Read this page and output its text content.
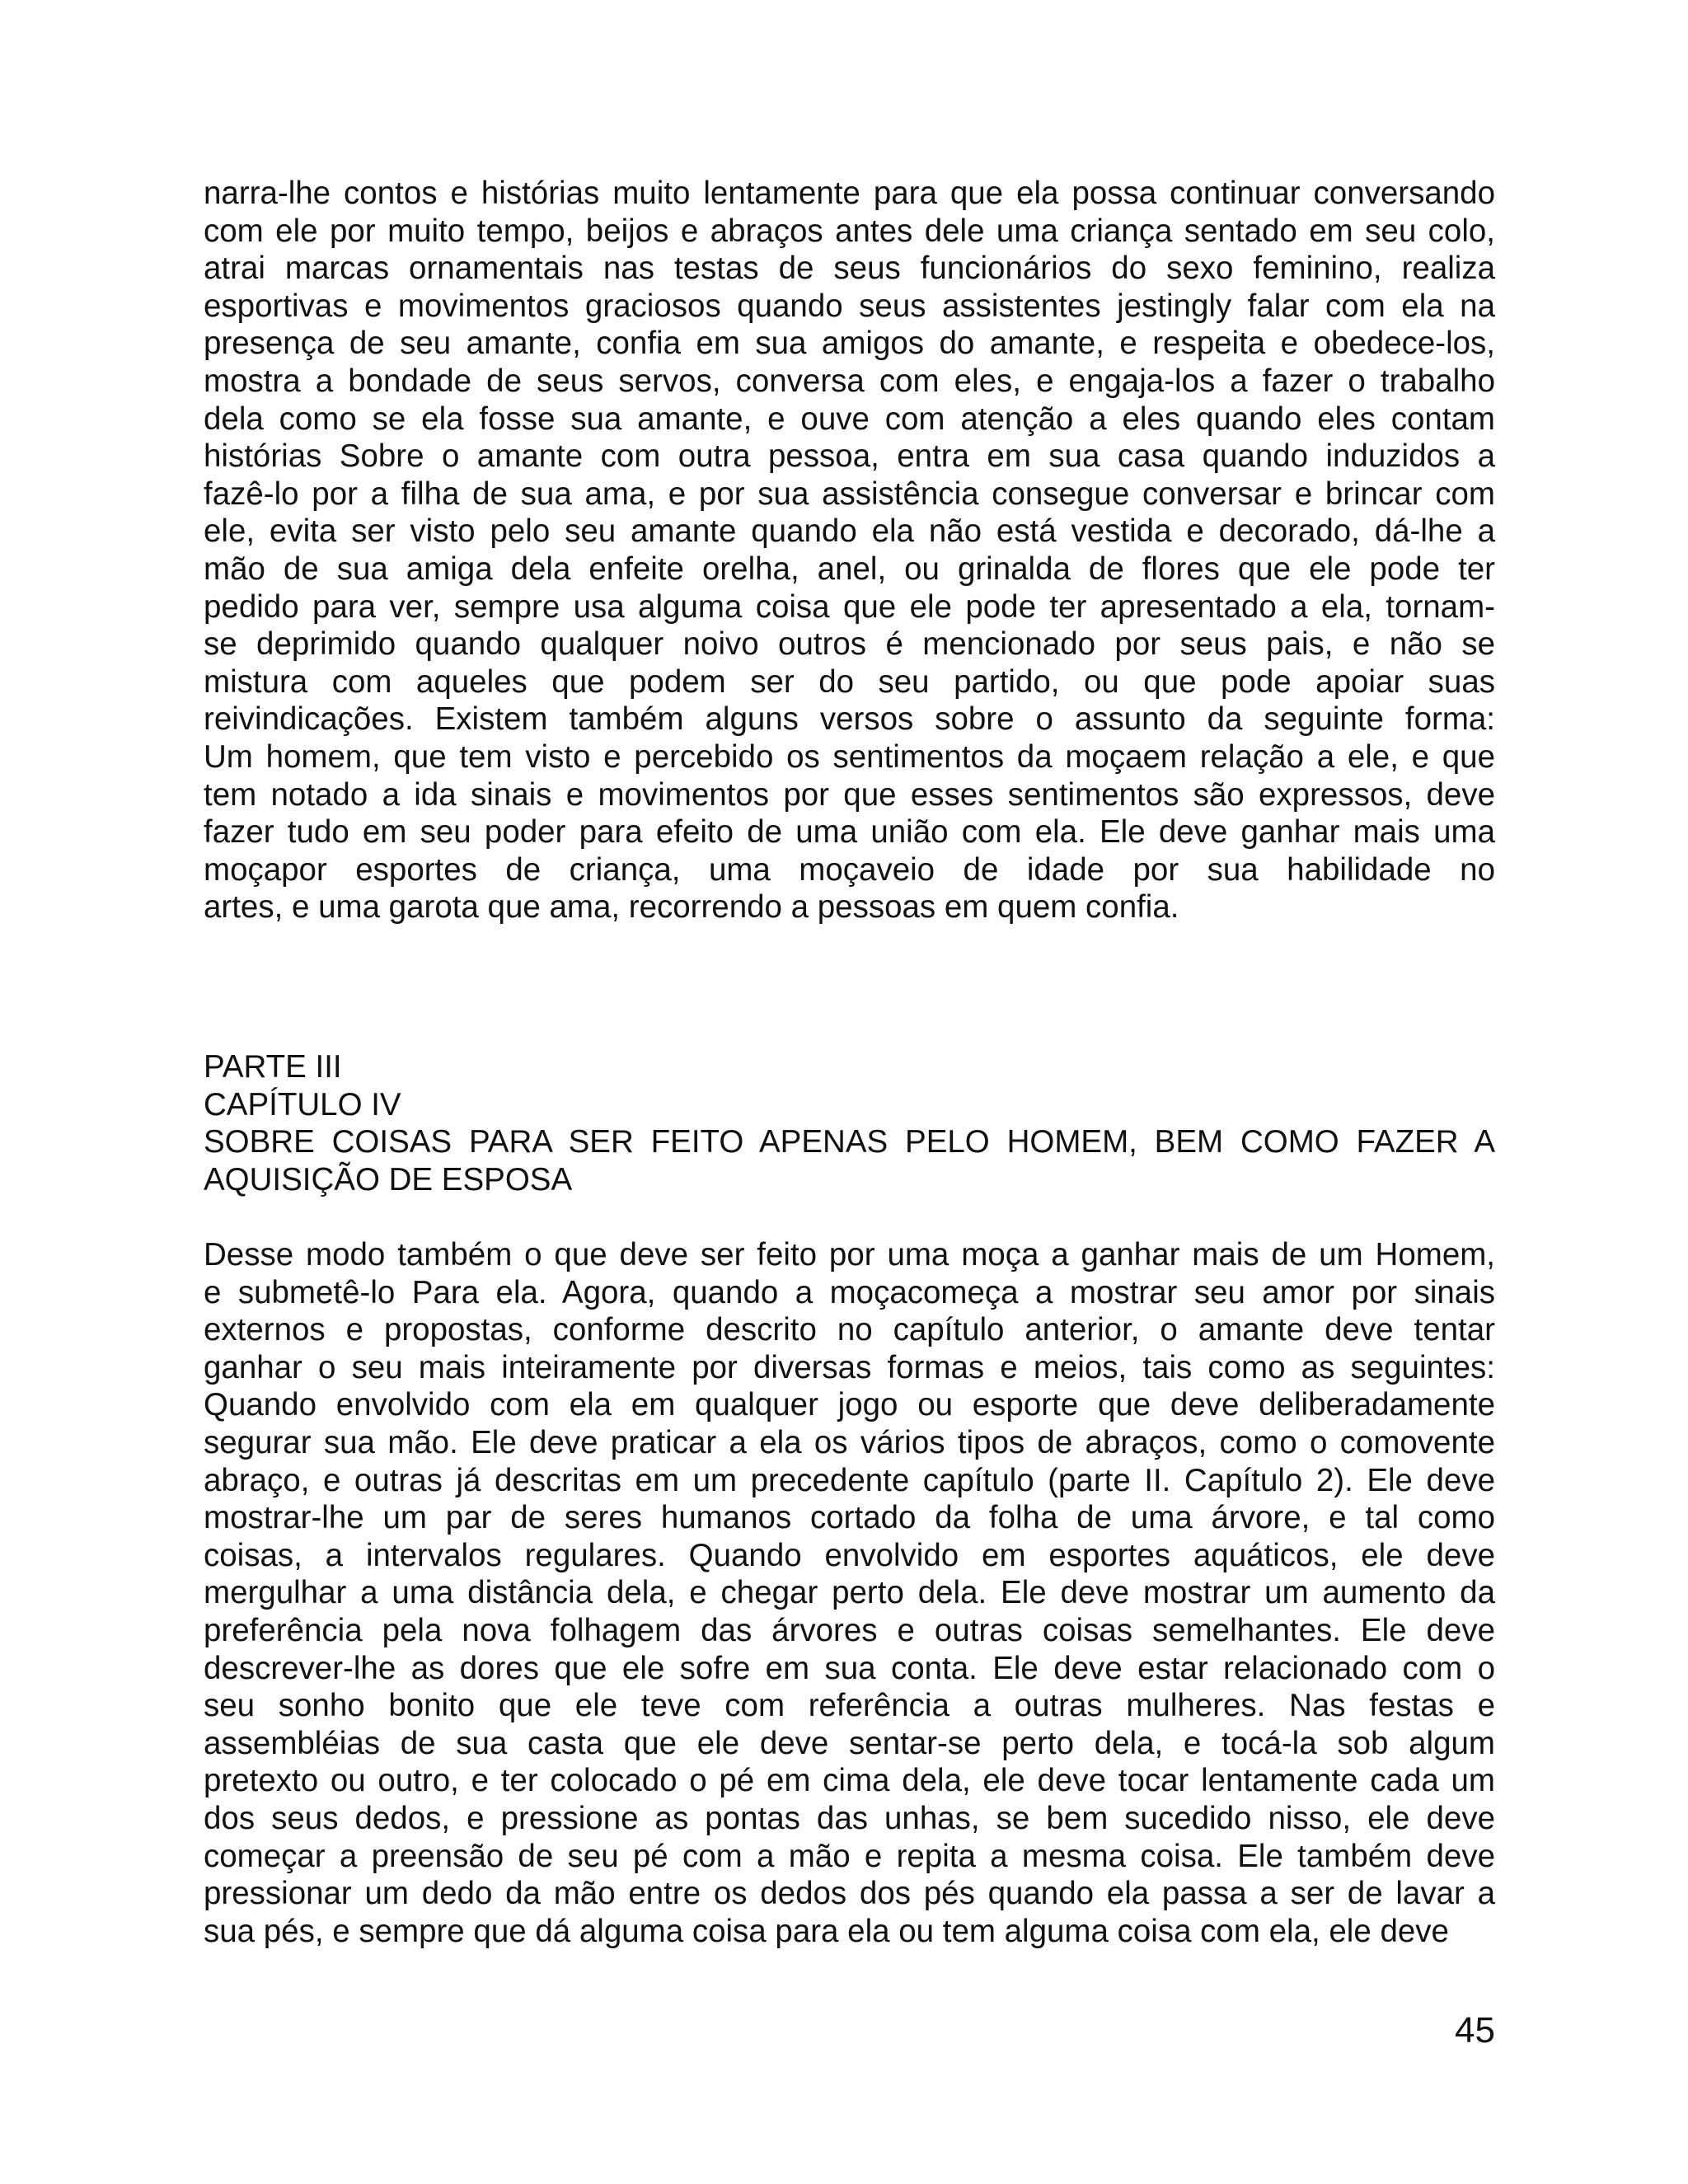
narra-lhe contos e histórias muito lentamente para que ela possa continuar conversando
com ele por muito tempo, beijos e abraços antes dele uma criança sentado em seu colo,
atrai marcas ornamentais nas testas de seus funcionários do sexo feminino, realiza
esportivas e movimentos graciosos quando seus assistentes jestingly falar com ela na
presença de seu amante, confia em sua amigos do amante, e respeita e obedece-los,
mostra a bondade de seus servos, conversa com eles, e engaja-los a fazer o trabalho
dela como se ela fosse sua amante, e ouve com atenção a eles quando eles contam
histórias Sobre o amante com outra pessoa, entra em sua casa quando induzidos a
fazê-lo por a filha de sua ama, e por sua assistência consegue conversar e brincar com
ele, evita ser visto pelo seu amante quando ela não está vestida e decorado, dá-lhe a
mão de sua amiga dela enfeite orelha, anel, ou grinalda de flores que ele pode ter
pedido para ver, sempre usa alguma coisa que ele pode ter apresentado a ela, tornam-
se deprimido quando qualquer noivo outros é mencionado por seus pais, e não se
mistura com aqueles que podem ser do seu partido, ou que pode apoiar suas
reivindicações. Existem também alguns versos sobre o assunto da seguinte forma:
Um homem, que tem visto e percebido os sentimentos da moçaem relação a ele, e que
tem notado a ida sinais e movimentos por que esses sentimentos são expressos, deve
fazer tudo em seu poder para efeito de uma união com ela. Ele deve ganhar mais uma
moçapor esportes de criança, uma moçaveio de idade por sua habilidade no
artes, e uma garota que ama, recorrendo a pessoas em quem confia.
PARTE III
CAPÍTULO IV
SOBRE COISAS PARA SER FEITO APENAS PELO HOMEM, BEM COMO FAZER A
AQUISIÇÃO DE ESPOSA
Desse modo também o que deve ser feito por uma moça a ganhar mais de um Homem,
e submetê-lo Para ela. Agora, quando a moçacomeça a mostrar seu amor por sinais
externos e propostas, conforme descrito no capítulo anterior, o amante deve tentar
ganhar o seu mais inteiramente por diversas formas e meios, tais como as seguintes:
Quando envolvido com ela em qualquer jogo ou esporte que deve deliberadamente
segurar sua mão. Ele deve praticar a ela os vários tipos de abraços, como o comovente
abraço, e outras já descritas em um precedente capítulo (parte II. Capítulo 2). Ele deve
mostrar-lhe um par de seres humanos cortado da folha de uma árvore, e tal como
coisas, a intervalos regulares. Quando envolvido em esportes aquáticos, ele deve
mergulhar a uma distância dela, e chegar perto dela. Ele deve mostrar um aumento da
preferência pela nova folhagem das árvores e outras coisas semelhantes. Ele deve
descrever-lhe as dores que ele sofre em sua conta. Ele deve estar relacionado com o
seu sonho bonito que ele teve com referência a outras mulheres. Nas festas e
assembléias de sua casta que ele deve sentar-se perto dela, e tocá-la sob algum
pretexto ou outro, e ter colocado o pé em cima dela, ele deve tocar lentamente cada um
dos seus dedos, e pressione as pontas das unhas, se bem sucedido nisso, ele deve
começar a preensão de seu pé com a mão e repita a mesma coisa. Ele também deve
pressionar um dedo da mão entre os dedos dos pés quando ela passa a ser de lavar a
sua pés, e sempre que dá alguma coisa para ela ou tem alguma coisa com ela, ele deve
45
